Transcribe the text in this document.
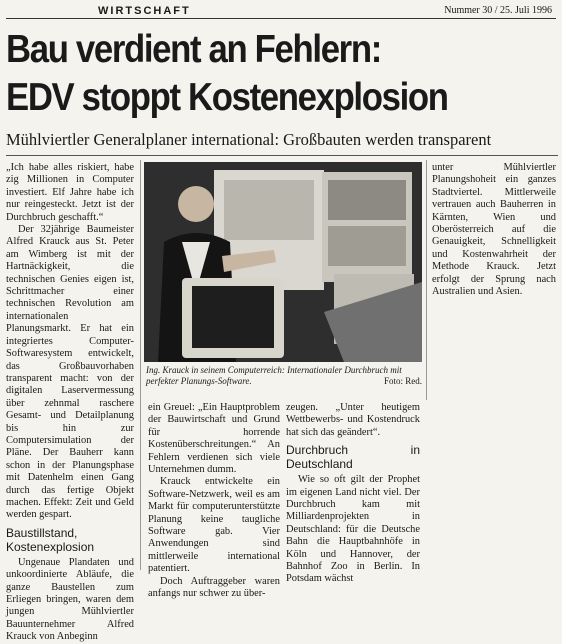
WIRTSCHAFT	Nummer 30 / 25. Juli 1996
Bau verdient an Fehlern:
EDV stoppt Kostenexplosion
Mühlviertler Generalplaner international: Großbauten werden transparent

„Ich habe alles riskiert, habe zig Millionen in Computer investiert. Elf Jahre habe ich nur reingesteckt. Jetzt ist der Durchbruch geschafft.“

Der 32jährige Baumeister Alfred Krauck aus St. Peter am Wimberg ist mit der Hartnäckigkeit, die technischen Genies eigen ist, Schrittmacher einer technischen Revolution am internationalen Planungsmarkt. Er hat ein integriertes Computer-Softwaresystem entwickelt, das Großbauvorhaben transparent macht: von der digitalen Laservermessung über zehnmal raschere Gesamt- und Detailplanung bis hin zur Computersimulation der Pläne. Der Bauherr kann schon in der Planungsphase mit Datenhelm einen Gang durch das fertige Objekt machen. Effekt: Zeit und Geld werden gespart.

Baustillstand, Kostenexplosion

Ungenaue Plandaten und unkoordinierte Abläufe, die ganze Baustellen zum Erliegen bringen, waren dem jungen Mühlviertler Bauunternehmer Alfred Krauck von Anbeginn

Ing. Krauck in seinem Computerreich: Internationaler Durchbruch mit perfekter Planungs-Software.	Foto: Red.

unter Mühlviertler Planungshoheit ein ganzes Stadtviertel. Mittlerweile vertrauen auch Bauherren in Kärnten, Wien und Oberösterreich auf die Genauigkeit, Schnelligkeit und Kostenwahrheit der Methode Krauck. Jetzt erfolgt der Sprung nach Australien und Asien.

ein Greuel: „Ein Hauptproblem der Bauwirtschaft und Grund für horrende Kostenüberschreitungen.“ An Fehlern verdienen sich viele Unternehmen dumm.

Krauck entwickelte ein Software-Netzwerk, weil es am Markt für computerunterstützte Planung keine taugliche Software gab. Vier Anwendungen sind mittlerweile international patentiert.

Doch Auftraggeber waren anfangs nur schwer zu über-

zeugen. „Unter heutigem Wettbewerbs- und Kostendruck hat sich das geändert“.

Durchbruch in Deutschland

Wie so oft gilt der Prophet im eigenen Land nicht viel. Der Durchbruch kam mit Milliardenprojekten in Deutschland: für die Deutsche Bahn die Hauptbahnhöfe in Köln und Hannover, der Bahnhof Zoo in Berlin. In Potsdam wächst
